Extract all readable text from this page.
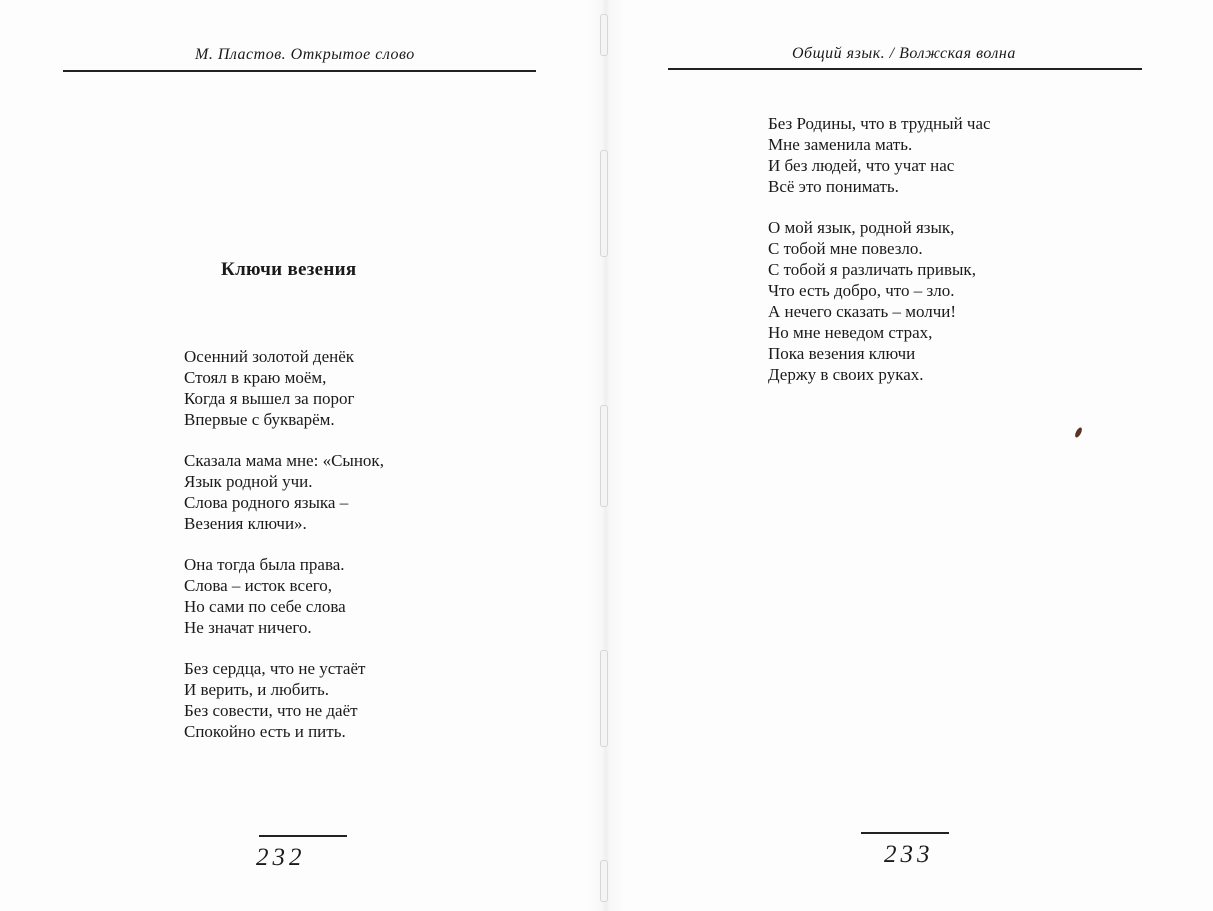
М. Пластов. Открытое слово
Ключи везения
Осенний золотой денёк
Стоял в краю моём,
Когда я вышел за порог
Впервые с букварём.
Сказала мама мне: «Сынок,
Язык родной учи.
Слова родного языка –
Везения ключи».
Она тогда была права.
Слова – исток всего,
Но сами по себе слова
Не значат ничего.
Без сердца, что не устаёт
И верить, и любить.
Без совести, что не даёт
Спокойно есть и пить.
232
Общий язык. / Волжская волна
Без Родины, что в трудный час
Мне заменила мать.
И без людей, что учат нас
Всё это понимать.
О мой язык, родной язык,
С тобой мне повезло.
С тобой я различать привык,
Что есть добро, что – зло.
А нечего сказать – молчи!
Но мне неведом страх,
Пока везения ключи
Держу в своих руках.
233
